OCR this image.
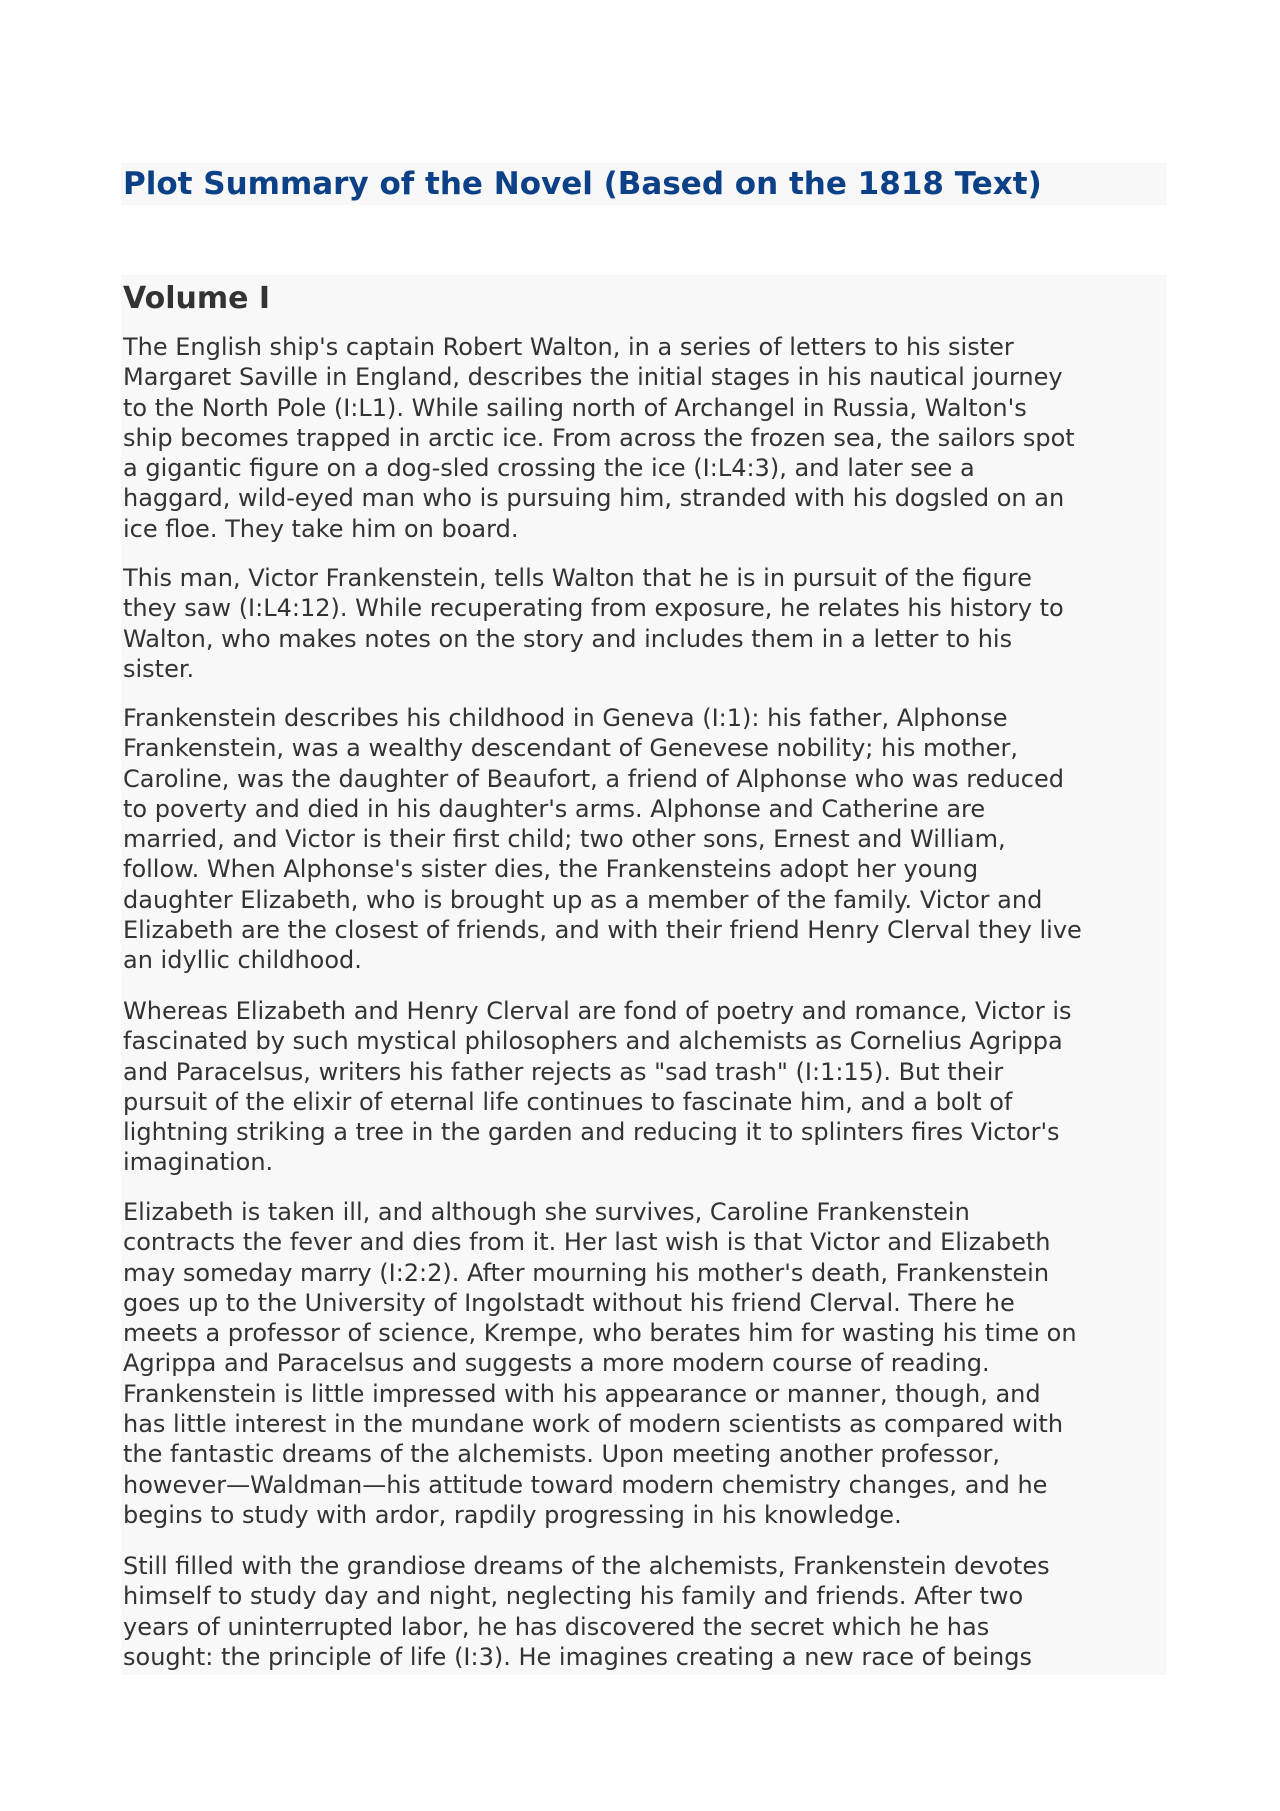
Plot Summary of the Novel (Based on the 1818 Text)
Volume I

The English ship's captain Robert Walton, in a series of letters to his sister
Margaret Saville in England, describes the initial stages in his nautical journey
to the North Pole (I:L1). While sailing north of Archangel in Russia, Walton's
ship becomes trapped in arctic ice. From across the frozen sea, the sailors spot
a gigantic figure on a dog-sled crossing the ice (I:L4:3), and later see a
haggard, wild-eyed man who is pursuing him, stranded with his dogsled on an
ice floe. They take him on board.

This man, Victor Frankenstein, tells Walton that he is in pursuit of the figure
they saw (I:L4:12). While recuperating from exposure, he relates his history to
Walton, who makes notes on the story and includes them in a letter to his
sister.

Frankenstein describes his childhood in Geneva (I:1): his father, Alphonse
Frankenstein, was a wealthy descendant of Genevese nobility; his mother,
Caroline, was the daughter of Beaufort, a friend of Alphonse who was reduced
to poverty and died in his daughter's arms. Alphonse and Catherine are
married, and Victor is their first child; two other sons, Ernest and William,
follow. When Alphonse's sister dies, the Frankensteins adopt her young
daughter Elizabeth, who is brought up as a member of the family. Victor and
Elizabeth are the closest of friends, and with their friend Henry Clerval they live
an idyllic childhood.

Whereas Elizabeth and Henry Clerval are fond of poetry and romance, Victor is
fascinated by such mystical philosophers and alchemists as Cornelius Agrippa
and Paracelsus, writers his father rejects as "sad trash" (I:1:15). But their
pursuit of the elixir of eternal life continues to fascinate him, and a bolt of
lightning striking a tree in the garden and reducing it to splinters fires Victor's
imagination.

Elizabeth is taken ill, and although she survives, Caroline Frankenstein
contracts the fever and dies from it. Her last wish is that Victor and Elizabeth
may someday marry (I:2:2). After mourning his mother's death, Frankenstein
goes up to the University of Ingolstadt without his friend Clerval. There he
meets a professor of science, Krempe, who berates him for wasting his time on
Agrippa and Paracelsus and suggests a more modern course of reading.
Frankenstein is little impressed with his appearance or manner, though, and
has little interest in the mundane work of modern scientists as compared with
the fantastic dreams of the alchemists. Upon meeting another professor,
however—Waldman—his attitude toward modern chemistry changes, and he
begins to study with ardor, rapdily progressing in his knowledge.

Still filled with the grandiose dreams of the alchemists, Frankenstein devotes
himself to study day and night, neglecting his family and friends. After two
years of uninterrupted labor, he has discovered the secret which he has
sought: the principle of life (I:3). He imagines creating a new race of beings
